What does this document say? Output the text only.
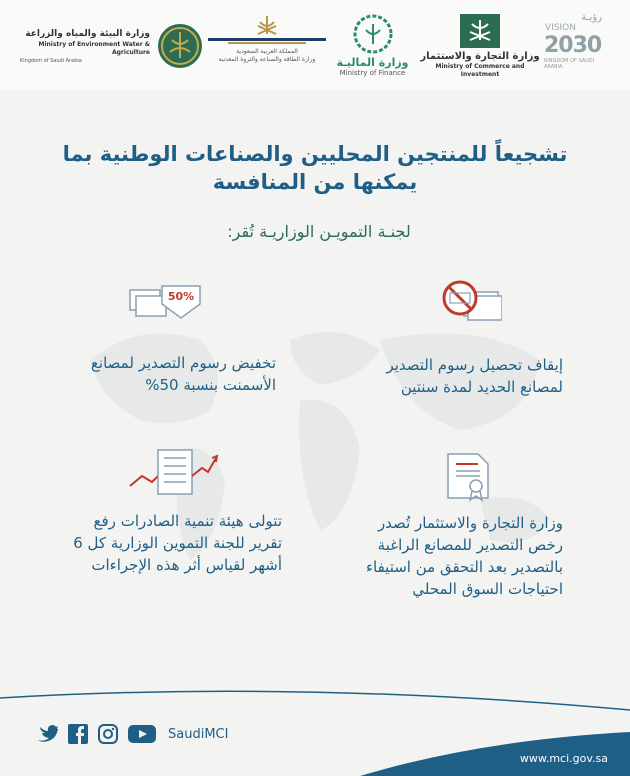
رؤيـة
VISION
2030
KINGDOM OF SAUDI ARABIA
وزارة التجارة والاستثمار
Ministry of Commerce and Investment
وزارة الماليـة
Ministry of Finance
المملكة العربية السعودية
وزارة الطاقة والصناعة والثروة المعدنية
وزارة البيئة والمياه والزراعة
Ministry of Environment Water & Agriculture
Kingdom of Saudi Arabia
تشجيعاً للمنتجين المحليين والصناعات الوطنية بما
يمكنها من المنافسة
لجنـة التمويـن الوزاريـة تُقر:
إيقاف تحصيل رسوم التصدير لمصانع الحديد لمدة سنتين
50%
تخفيض رسوم التصدير لمصانع الأسمنت بنسبة 50%
وزارة التجارة والاستثمار تُصدر رخص التصدير للمصانع الراغبة بالتصدير بعد التحقق من استيفاء احتياجات السوق المحلي
تتولى هيئة تنمية الصادرات رفع تقرير للجنة التموين الوزارية كل 6 أشهر لقياس أثر هذه الإجراءات
SaudiMCI
www.mci.gov.sa
